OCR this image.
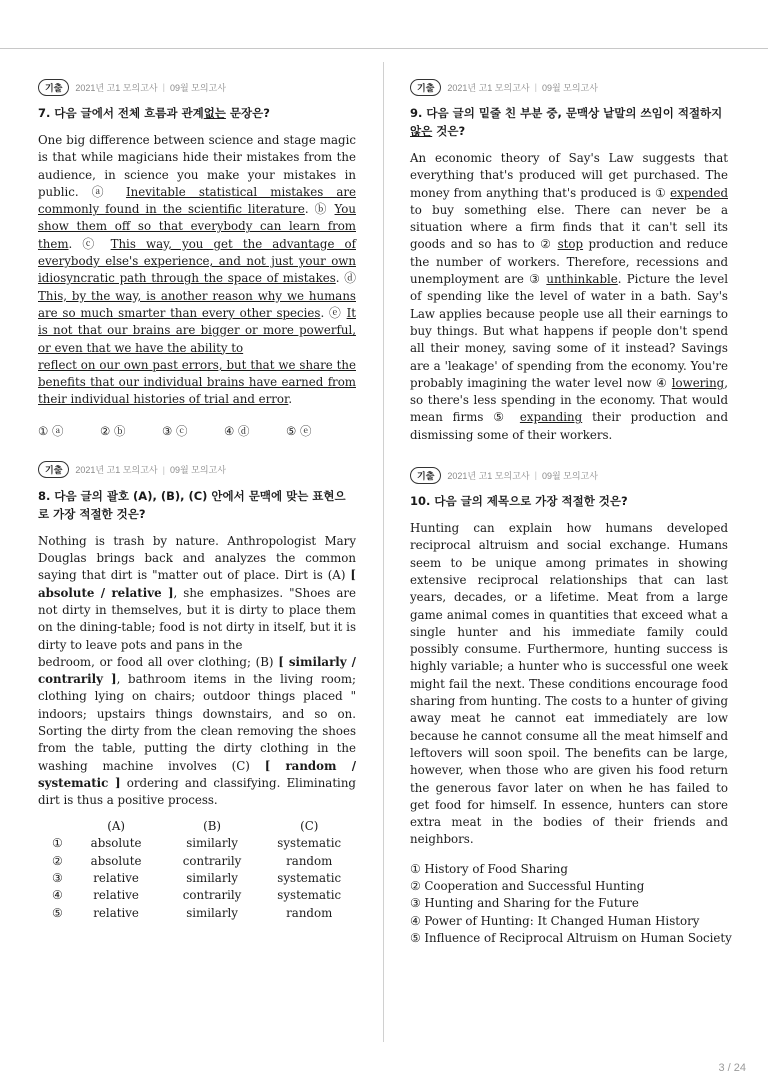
기출	2021년 고1 모의고사 | 09월 모의고사
7. 다음 글에서 전체 흐름과 관계없는 문장은?

One big difference between science and stage magic is that while magicians hide their mistakes from the audience, in science you make your mistakes in public. ⓐ Inevitable statistical mistakes are commonly found in the scientific literature. ⓑ You show them off so that everybody can learn from them. ⓒ This way, you get the advantage of everybody else's experience, and not just your own idiosyncratic path through the space of mistakes. ⓓ This, by the way, is another reason why we humans are so much smarter than every other species. ⓔ It is not that our brains are bigger or more powerful, or even that we have the ability to
reflect on our own past errors, but that we share the benefits that our individual brains have earned from their individual histories of trial and error.

① ⓐ	② ⓑ	③ ⓒ	④ ⓓ	⑤ ⓔ
기출	2021년 고1 모의고사 | 09월 모의고사
8. 다음 글의 괄호 (A), (B), (C) 안에서 문맥에 맞는 표현으로 가장 적절한 것은?

Nothing is trash by nature. Anthropologist Mary Douglas brings back and analyzes the common saying that dirt is "matter out of place. Dirt is (A) [ absolute / relative ], she emphasizes. "Shoes are not dirty in themselves, but it is dirty to place them on the dining-table; food is not dirty in itself, but it is dirty to leave pots and pans in the
bedroom, or food all over clothing; (B) [ similarly / contrarily ], bathroom items in the living room; clothing lying on chairs; outdoor things placed " indoors; upstairs things downstairs, and so on. Sorting the dirty from the clean removing the shoes from the table, putting the dirty clothing in the washing machine involves (C) [ random / systematic ] ordering and classifying. Eliminating dirt is thus a positive process.

	(A)	(B)	(C)
①	absolute	similarly	systematic
②	absolute	contrarily	random
③	relative	similarly	systematic
④	relative	contrarily	systematic
⑤	relative	similarly	random
기출	2021년 고1 모의고사 | 09월 모의고사
9. 다음 글의 밑줄 친 부분 중, 문맥상 낱말의 쓰임이 적절하지 않은 것은?

An economic theory of Say's Law suggests that everything that's produced will get purchased. The money from anything that's produced is ① expended to buy something else. There can never be a situation where a firm finds that it can't sell its goods and so has to ② stop production and reduce the number of workers. Therefore, recessions and unemployment are ③ unthinkable. Picture the level of spending like the level of water in a bath. Say's Law applies because people use all their earnings to buy things. But what happens if people don't spend all their money, saving some of it instead? Savings are a 'leakage' of spending from the economy. You're probably imagining the water level now ④ lowering, so there's less spending in the economy. That would mean firms ⑤ expanding their production and dismissing some of their workers.

기출	2021년 고1 모의고사 | 09월 모의고사
10. 다음 글의 제목으로 가장 적절한 것은?

Hunting can explain how humans developed reciprocal altruism and social exchange. Humans seem to be unique among primates in showing extensive reciprocal relationships that can last years, decades, or a lifetime. Meat from a large game animal comes in quantities that exceed what a single hunter and his immediate family could possibly consume. Furthermore, hunting success is highly variable; a hunter who is successful one week might fail the next. These conditions encourage food sharing from hunting. The costs to a hunter of giving away meat he cannot eat immediately are low because he cannot consume all the meat himself and leftovers will soon spoil. The benefits can be large, however, when those who are given his food return the generous favor later on when he has failed to get food for himself. In essence, hunters can store extra meat in the bodies of their friends and neighbors.

① History of Food Sharing
② Cooperation and Successful Hunting
③ Hunting and Sharing for the Future
④ Power of Hunting: It Changed Human History
⑤ Influence of Reciprocal Altruism on Human Society
3 / 24
